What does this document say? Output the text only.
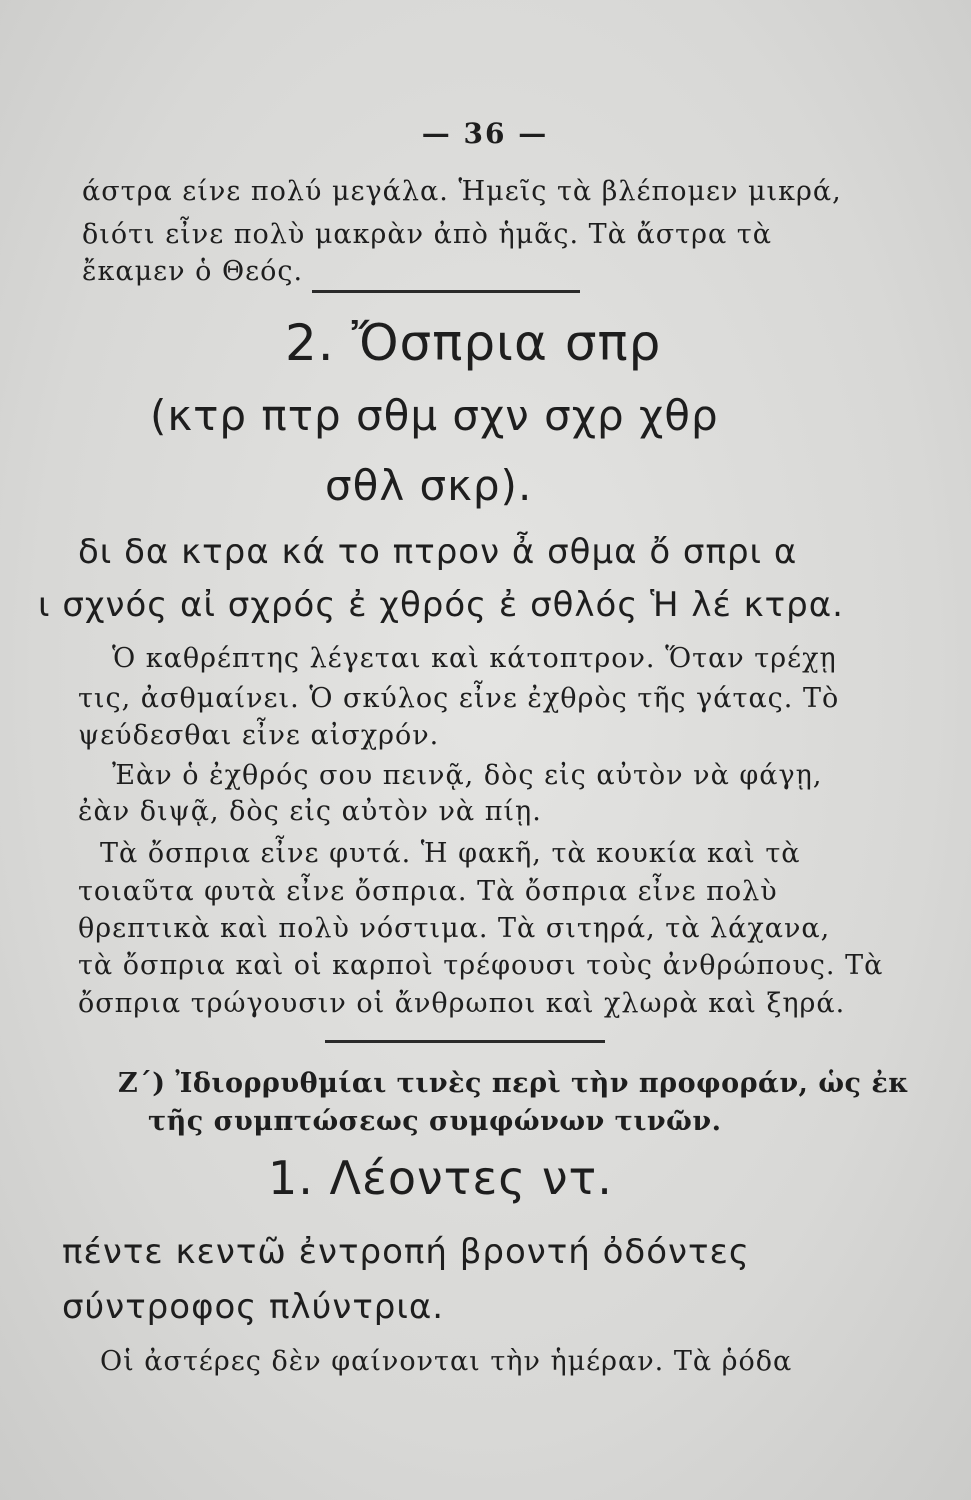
— 36 —
άστρα είνε πολύ μεγάλα. Ἡμεῖς τὰ βλέπομεν μικρά,
διότι εἶνε πολὺ μακρὰν ἀπὸ ἡμᾶς. Τὰ ἄστρα τὰ
ἔκαμεν ὁ Θεός.
2. Ὄσπρια σπρ
(κτρ πτρ σθμ σχν σχρ χθρ
σθλ σκρ).
δι δα κτρα κά το πτρον ἆ σθμα ὄ σπρι α
ι σχνός αἰ σχρός ἐ χθρός ἐ σθλός Ἡ λέ κτρα.
Ὁ καθρέπτης λέγεται καὶ κάτοπτρον. Ὅταν τρέχῃ
τις, ἀσθμαίνει. Ὁ σκύλος εἶνε ἐχθρὸς τῆς γάτας. Τὸ
ψεύδεσθαι εἶνε αἰσχρόν.
Ἐὰν ὁ ἐχθρός σου πεινᾷ, δὸς εἰς αὐτὸν νὰ φάγῃ,
ἐὰν διψᾷ, δὸς εἰς αὐτὸν νὰ πίῃ.
Τὰ ὄσπρια εἶνε φυτά. Ἡ φακῆ, τὰ κουκία καὶ τὰ
τοιαῦτα φυτὰ εἶνε ὄσπρια. Τὰ ὄσπρια εἶνε πολὺ
θρεπτικὰ καὶ πολὺ νόστιμα. Τὰ σιτηρά, τὰ λάχανα,
τὰ ὄσπρια καὶ οἱ καρποὶ τρέφουσι τοὺς ἀνθρώπους. Τὰ
ὄσπρια τρώγουσιν οἱ ἄνθρωποι καὶ χλωρὰ καὶ ξηρά.
Ζ΄) Ἰδιορρυθμίαι τινὲς περὶ τὴν προφοράν, ὡς ἐκ
τῆς συμπτώσεως συμφώνων τινῶν.
1. Λέοντες ντ.
πέντε κεντῶ ἐντροπή βροντή ὀδόντες
σύντροφος πλύντρια.
Οἱ ἀστέρες δὲν φαίνονται τὴν ἡμέραν. Τὰ ῥόδα
